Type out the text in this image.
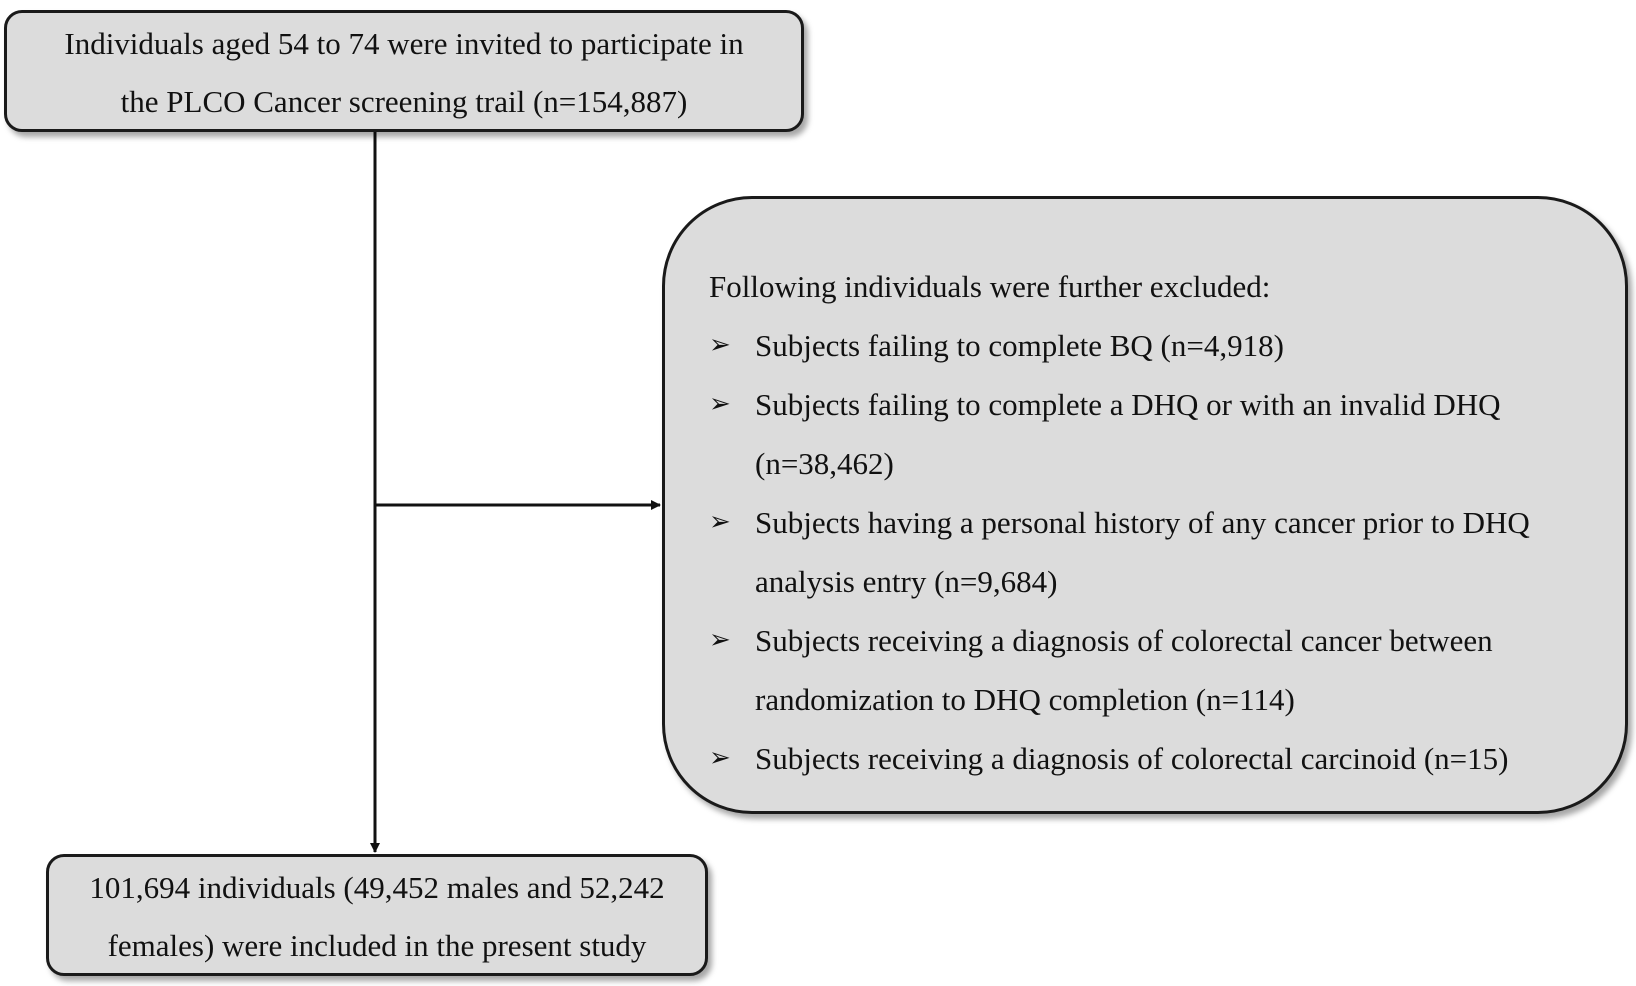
Individuals aged 54 to 74 were invited to participate in
the PLCO Cancer screening trail (n=154,887)
Following individuals were further excluded:
➢ Subjects failing to complete BQ (n=4,918)
➢ Subjects failing to complete a DHQ or with an invalid DHQ
(n=38,462)
➢ Subjects having a personal history of any cancer prior to DHQ
analysis entry (n=9,684)
➢ Subjects receiving a diagnosis of colorectal cancer between
randomization to DHQ completion (n=114)
➢ Subjects receiving a diagnosis of colorectal carcinoid (n=15)
101,694 individuals (49,452 males and 52,242
females) were included in the present study
